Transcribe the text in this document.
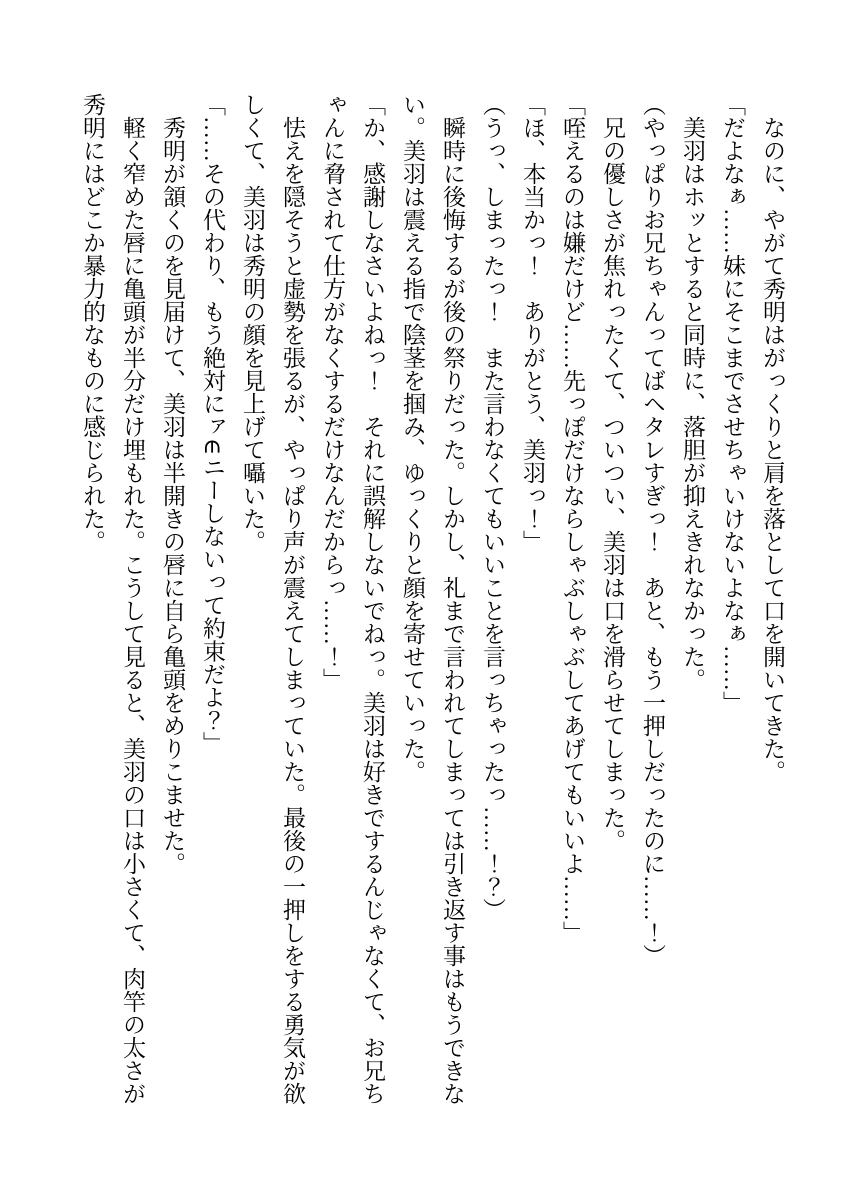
なのに、やがて秀明はがっくりと肩を落として口を開いてきた。

「だよなぁ……妹にそこまでさせちゃいけないよなぁ……」

美羽はホッとすると同時に、落胆が抑えきれなかった。

（やっぱりお兄ちゃんってばヘタレすぎっ！　あと、もう一押しだったのに……！）

兄の優しさが焦れったくて、ついつい、美羽は口を滑らせてしまった。

「咥えるのは嫌だけど……先っぽだけならしゃぶしゃぶしてあげてもいいよ……」

「ほ、本当かっ！　ありがとう、美羽っ！」

（うっ、しまったっ！　また言わなくてもいいことを言っちゃったっ……！？）

瞬時に後悔するが後の祭りだった。しかし、礼まで言われてしまっては引き返す事はもうできない。美羽は震える指で陰茎を掴み、ゆっくりと顔を寄せていった。

「か、感謝しなさいよねっ！　それに誤解しないでねっ。美羽は好きでするんじゃなくて、お兄ちゃんに脅されて仕方がなくするだけなんだからっ……！」

怯えを隠そうと虚勢を張るが、やっぱり声が震えてしまっていた。最後の一押しをする勇気が欲しくて、美羽は秀明の顔を見上げて囁いた。

「……その代わり、もう絶対にァ∈ニーしないって約束だよ？」

秀明が頷くのを見届けて、美羽は半開きの唇に自ら亀頭をめりこませた。

軽く窄めた唇に亀頭が半分だけ埋もれた。こうして見ると、美羽の口は小さくて、肉竿の太さが秀明にはどこか暴力的なものに感じられた。
